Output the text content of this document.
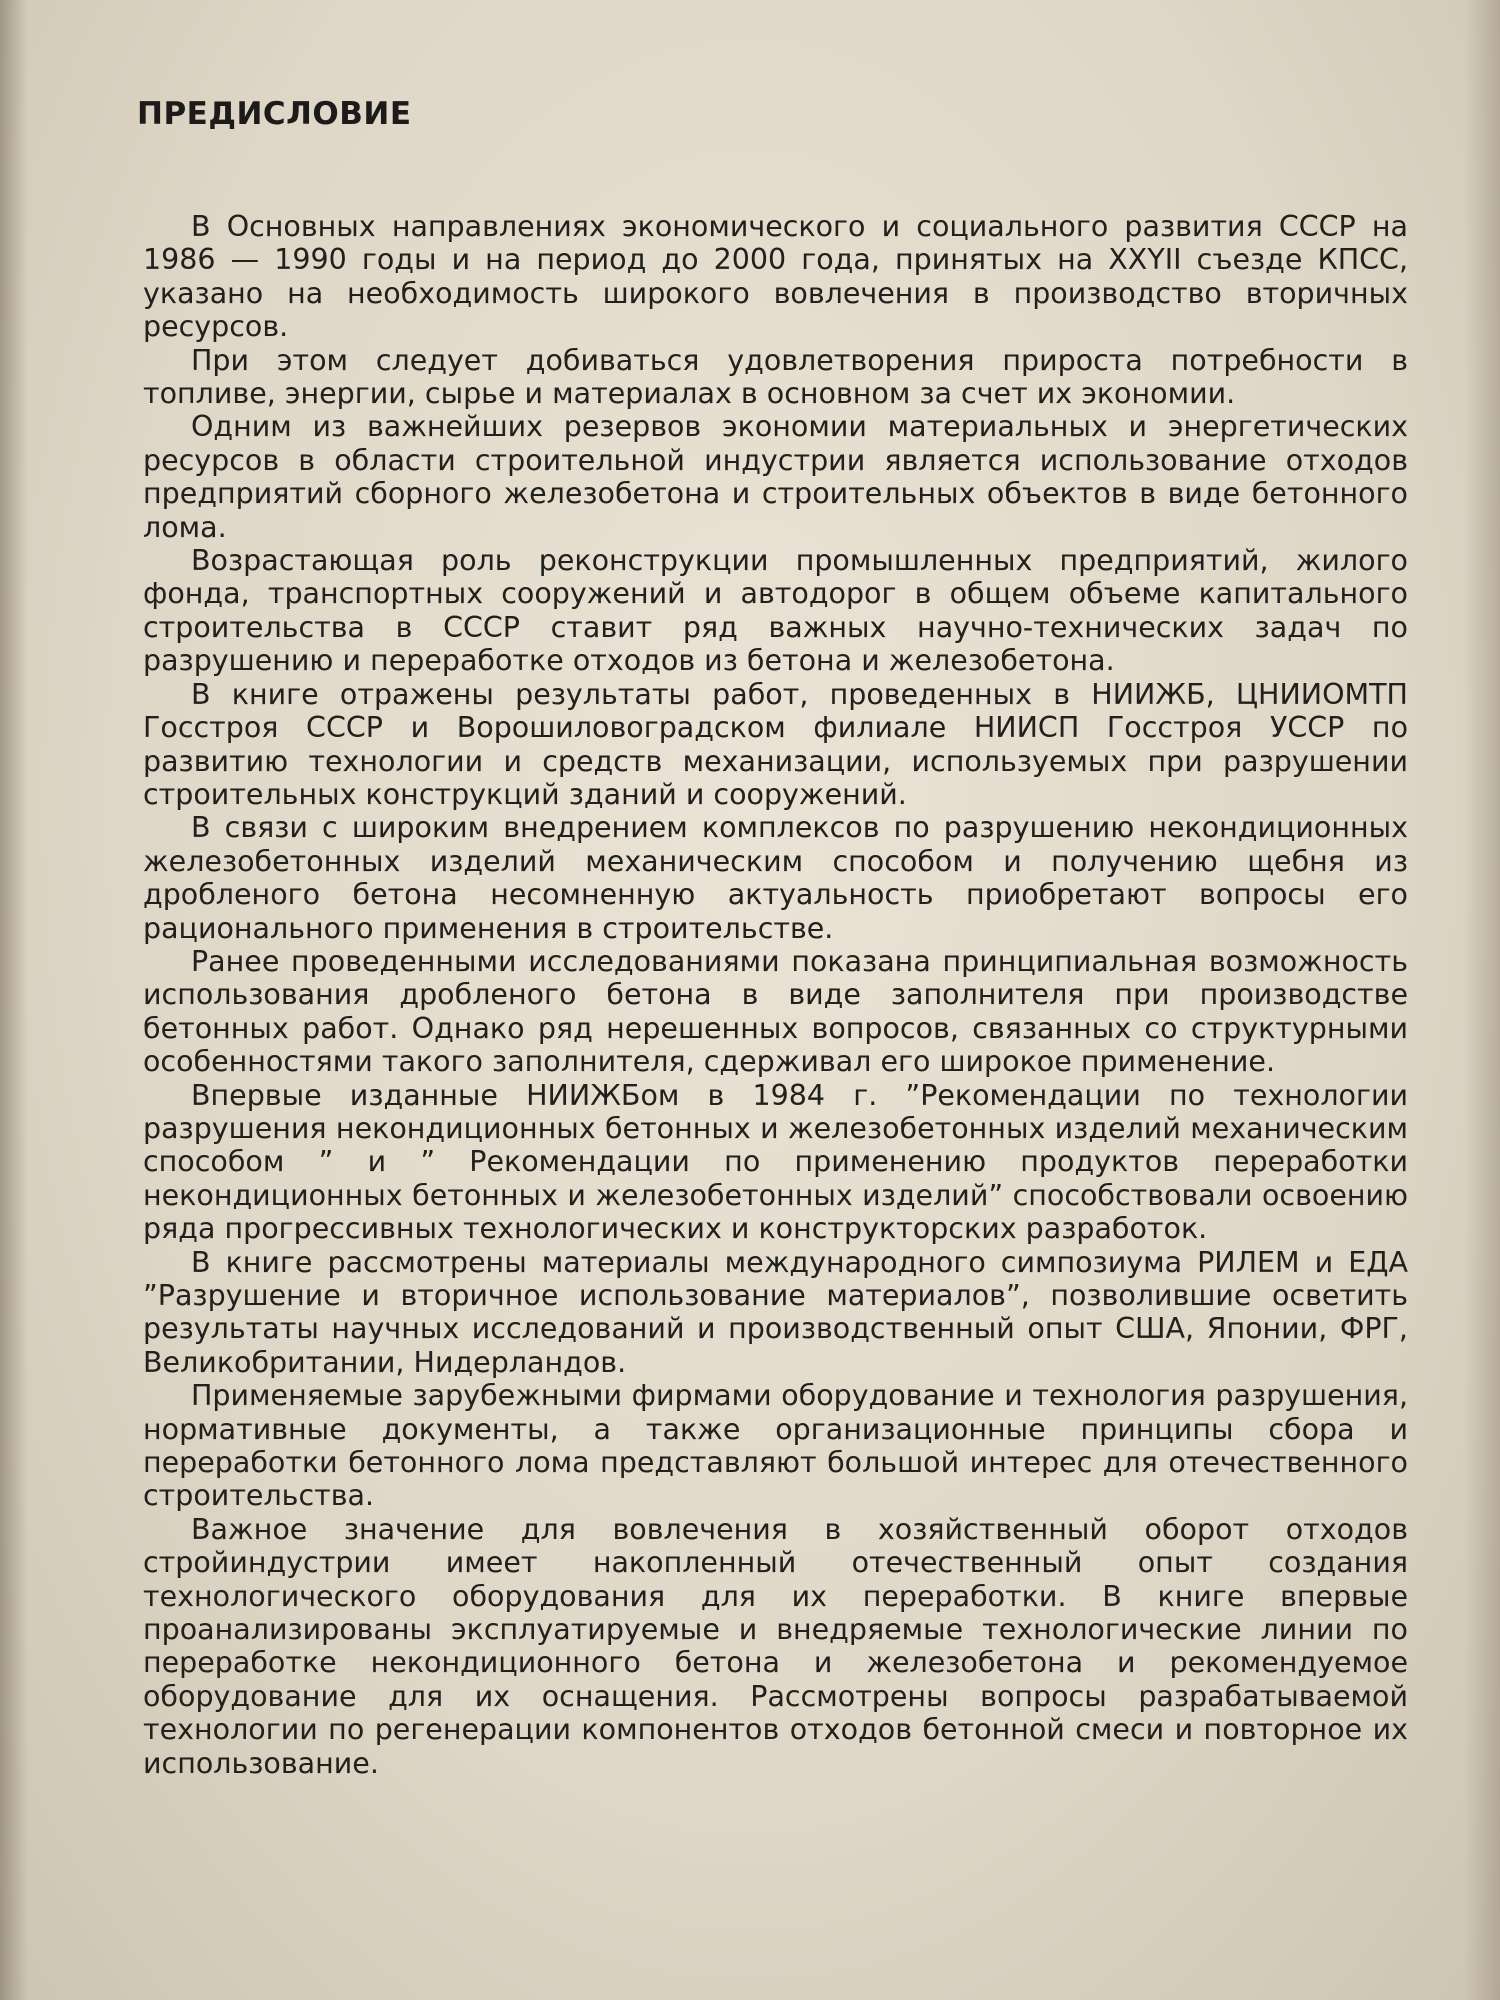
ПРЕДИСЛОВИЕ

В Основных направлениях экономического и социального развития СССР на 1986 — 1990 годы и на период до 2000 года, принятых на XXYII съезде КПСС, указано на необходимость широкого вовлечения в производство вторичных ресурсов.

При этом следует добиваться удовлетворения прироста потребности в топливе, энергии, сырье и материалах в основном за счет их экономии.

Одним из важнейших резервов экономии материальных и энергетических ресурсов в области строительной индустрии является использование отходов предприятий сборного железобетона и строительных объектов в виде бетонного лома.

Возрастающая роль реконструкции промышленных предприятий, жилого фонда, транспортных сооружений и автодорог в общем объеме капитального строительства в СССР ставит ряд важных научно-технических задач по разрушению и переработке отходов из бетона и железобетона.

В книге отражены результаты работ, проведенных в НИИЖБ, ЦНИИОМТП Госстроя СССР и Ворошиловоградском филиале НИИСП Госстроя УССР по развитию технологии и средств механизации, используемых при разрушении строительных конструкций зданий и сооружений.

В связи с широким внедрением комплексов по разрушению некондиционных железобетонных изделий механическим способом и получению щебня из дробленого бетона несомненную актуальность приобретают вопросы его рационального применения в строительстве.

Ранее проведенными исследованиями показана принципиальная возможность использования дробленого бетона в виде заполнителя при производстве бетонных работ. Однако ряд нерешенных вопросов, связанных со структурными особенностями такого заполнителя, сдерживал его широкое применение.

Впервые изданные НИИЖБом в 1984 г. ”Рекомендации по технологии разрушения некондиционных бетонных и железобетонных изделий механическим способом ” и ” Рекомендации по применению продуктов переработки некондиционных бетонных и железобетонных изделий” способствовали освоению ряда прогрессивных технологических и конструкторских разработок.

В книге рассмотрены материалы международного симпозиума РИЛЕМ и ЕДА ”Разрушение и вторичное использование материалов”, позволившие осветить результаты научных исследований и производственный опыт США, Японии, ФРГ, Великобритании, Нидерландов.

Применяемые зарубежными фирмами оборудование и технология разрушения, нормативные документы, а также организационные принципы сбора и переработки бетонного лома представляют большой интерес для отечественного строительства.

Важное значение для вовлечения в хозяйственный оборот отходов стройиндустрии имеет накопленный отечественный опыт создания технологического оборудования для их переработки. В книге впервые проанализированы эксплуатируемые и внедряемые технологические линии по переработке некондиционного бетона и железобетона и рекомендуемое оборудование для их оснащения. Рассмотрены вопросы разрабатываемой технологии по регенерации компонентов отходов бетонной смеси и повторное их использование.
